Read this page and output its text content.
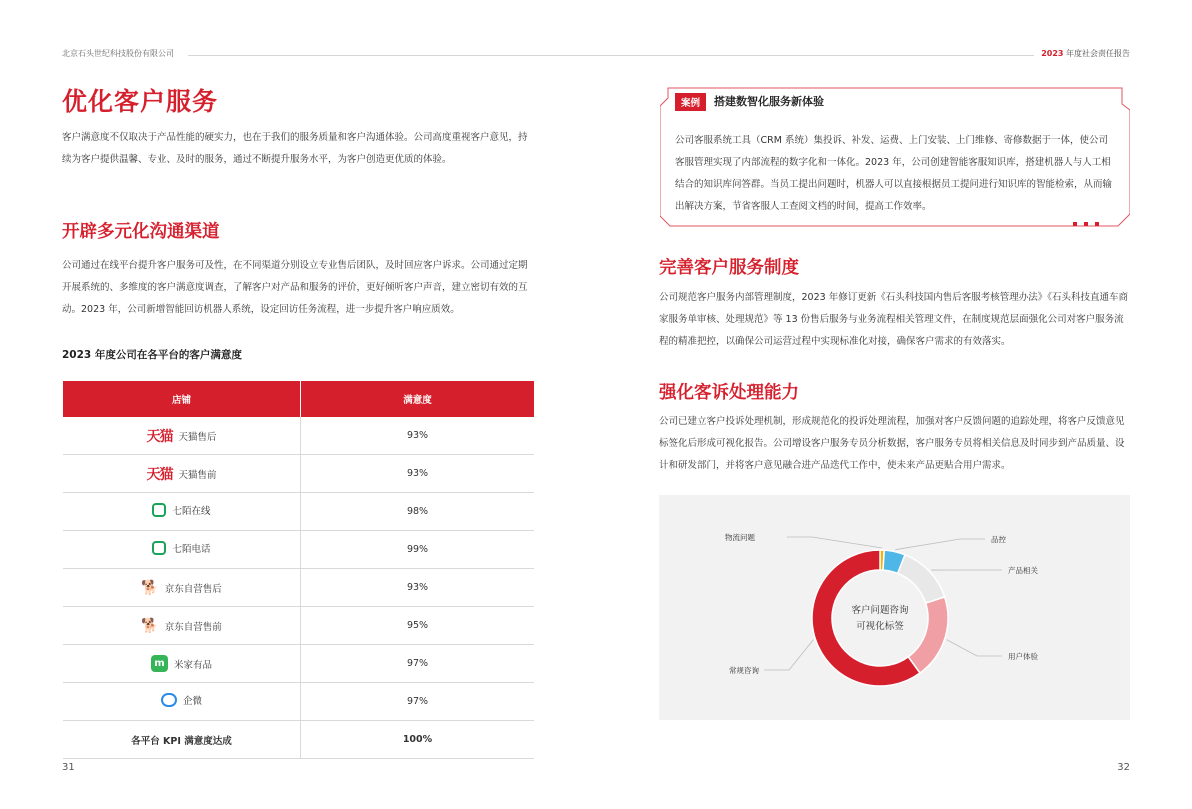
北京石头世纪科技股份有限公司	2023 年度社会责任报告
优化客户服务
客户满意度不仅取决于产品性能的硬实力，也在于我们的服务质量和客户沟通体验。公司高度重视客户意见，持续为客户提供温馨、专业、及时的服务，通过不断提升服务水平，为客户创造更优质的体验。
开辟多元化沟通渠道
公司通过在线平台提升客户服务可及性，在不同渠道分别设立专业售后团队，及时回应客户诉求。公司通过定期开展系统的、多维度的客户满意度调查，了解客户对产品和服务的评价，更好倾听客户声音，建立密切有效的互动。2023 年，公司新增智能回访机器人系统，设定回访任务流程，进一步提升客户响应质效。
2023 年度公司在各平台的客户满意度
店铺	满意度

天猫 天猫售后	93%

天猫 天猫售前	93%

七陌在线	98%

七陌电话	99%

🐕 京东自营售后	93%

🐕 京东自营售前	95%

m 米家有品	97%

企微	97%
各平台 KPI 满意度达成	100%
31
案例	搭建数智化服务新体验
公司客服系统工具（CRM 系统）集投诉、补发、运费、上门安装、上门维修、寄修数据于一体，使公司客服管理实现了内部流程的数字化和一体化。2023 年，公司创建智能客服知识库，搭建机器人与人工相结合的知识库问答群。当员工提出问题时，机器人可以直接根据员工提问进行知识库的智能检索，从而输出解决方案，节省客服人工查阅文档的时间，提高工作效率。
完善客户服务制度
公司规范客户服务内部管理制度，2023 年修订更新《石头科技国内售后客服考核管理办法》《石头科技直通车商家服务单审核、处理规范》等 13 份售后服务与业务流程相关管理文件，在制度规范层面强化公司对客户服务流程的精准把控，以确保公司运营过程中实现标准化对接，确保客户需求的有效落实。
强化客诉处理能力
公司已建立客户投诉处理机制，形成规范化的投诉处理流程，加强对客户反馈问题的追踪处理，将客户反馈意见标签化后形成可视化报告。公司增设客户服务专员分析数据，客户服务专员将相关信息及时同步到产品质量、设计和研发部门，并将客户意见融合进产品迭代工作中，使未来产品更贴合用户需求。
客户问题咨询
可视化标签
物流问题	品控
产品相关
用户体验
常规咨询
32
